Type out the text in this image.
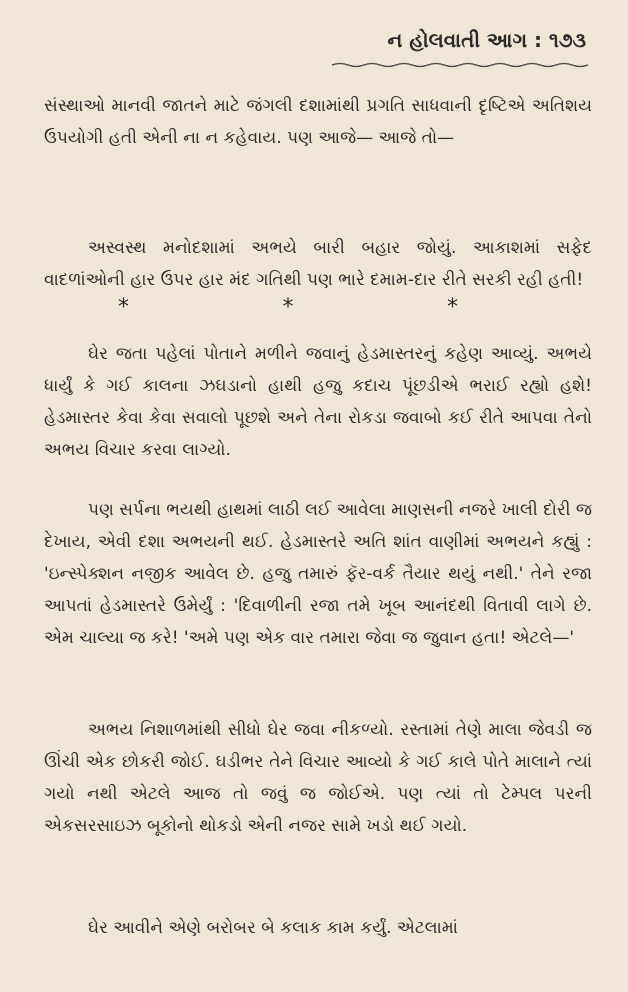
ન હોલવાતી આગ : ૧૭૩
સંસ્થાઓ માનવી જાતને માટે જંગલી દશામાંથી પ્રગતિ સાધવાની દૃષ્ટિએ અતિશય ઉપયોગી હતી એની ના ન કહેવાય. પણ આજે— આજે તો—
અસ્વસ્થ મનોદશામાં અભયે બારી બહાર જોયું. આકાશમાં સફેદ વાદળાંઓની હાર ઉપર હાર મંદ ગતિથી પણ ભારે દમામ-દાર રીતે સરકી રહી હતી!
*	*	*
ઘેર જતા પહેલાં પોતાને મળીને જવાનું હેડમાસ્તરનું કહેણ આવ્યું. અભયે ધાર્યું કે ગઈ કાલના ઝઘડાનો હાથી હજુ કદાચ પૂંછડીએ ભરાઈ રહ્યો હશે! હેડમાસ્તર કેવા કેવા સવાલો પૂછશે અને તેના રોકડા જવાબો કઈ રીતે આપવા તેનો અભય વિચાર કરવા લાગ્યો.
પણ સર્પના ભયથી હાથમાં લાઠી લઈ આવેલા માણસની નજરે ખાલી દોરી જ દેખાય, એવી દશા અભયની થઈ. હેડમાસ્તરે અતિ શાંત વાણીમાં અભયને કહ્યું : 'ઇન્સ્પેક્શન નજીક આવેલ છે. હજુ તમારું ફૅર-વર્ક તૈયાર થયું નથી.' તેને રજા આપતાં હેડમાસ્તરે ઉમેર્યું : 'દિવાળીની રજા તમે ખૂબ આનંદથી વિતાવી લાગે છે. એમ ચાલ્યા જ કરે! 'અમે પણ એક વાર તમારા જેવા જ જુવાન હતા! એટલે—'
અભય નિશાળમાંથી સીધો ઘેર જવા નીકળ્યો. રસ્તામાં તેણે માલા જેવડી જ ઊંચી એક છોકરી જોઈ. ઘડીભર તેને વિચાર આવ્યો કે ગઈ કાલે પોતે માલાને ત્યાં ગયો નથી એટલે આજ તો જવું જ જોઈએ. પણ ત્યાં તો ટેમ્પલ પરની એકસરસાઇઝ બૂકોનો થોકડો એની નજર સામે ખડો થઈ ગયો.
ઘેર આવીને એણે બરોબર બે કલાક કામ કર્યું. એટલામાં
